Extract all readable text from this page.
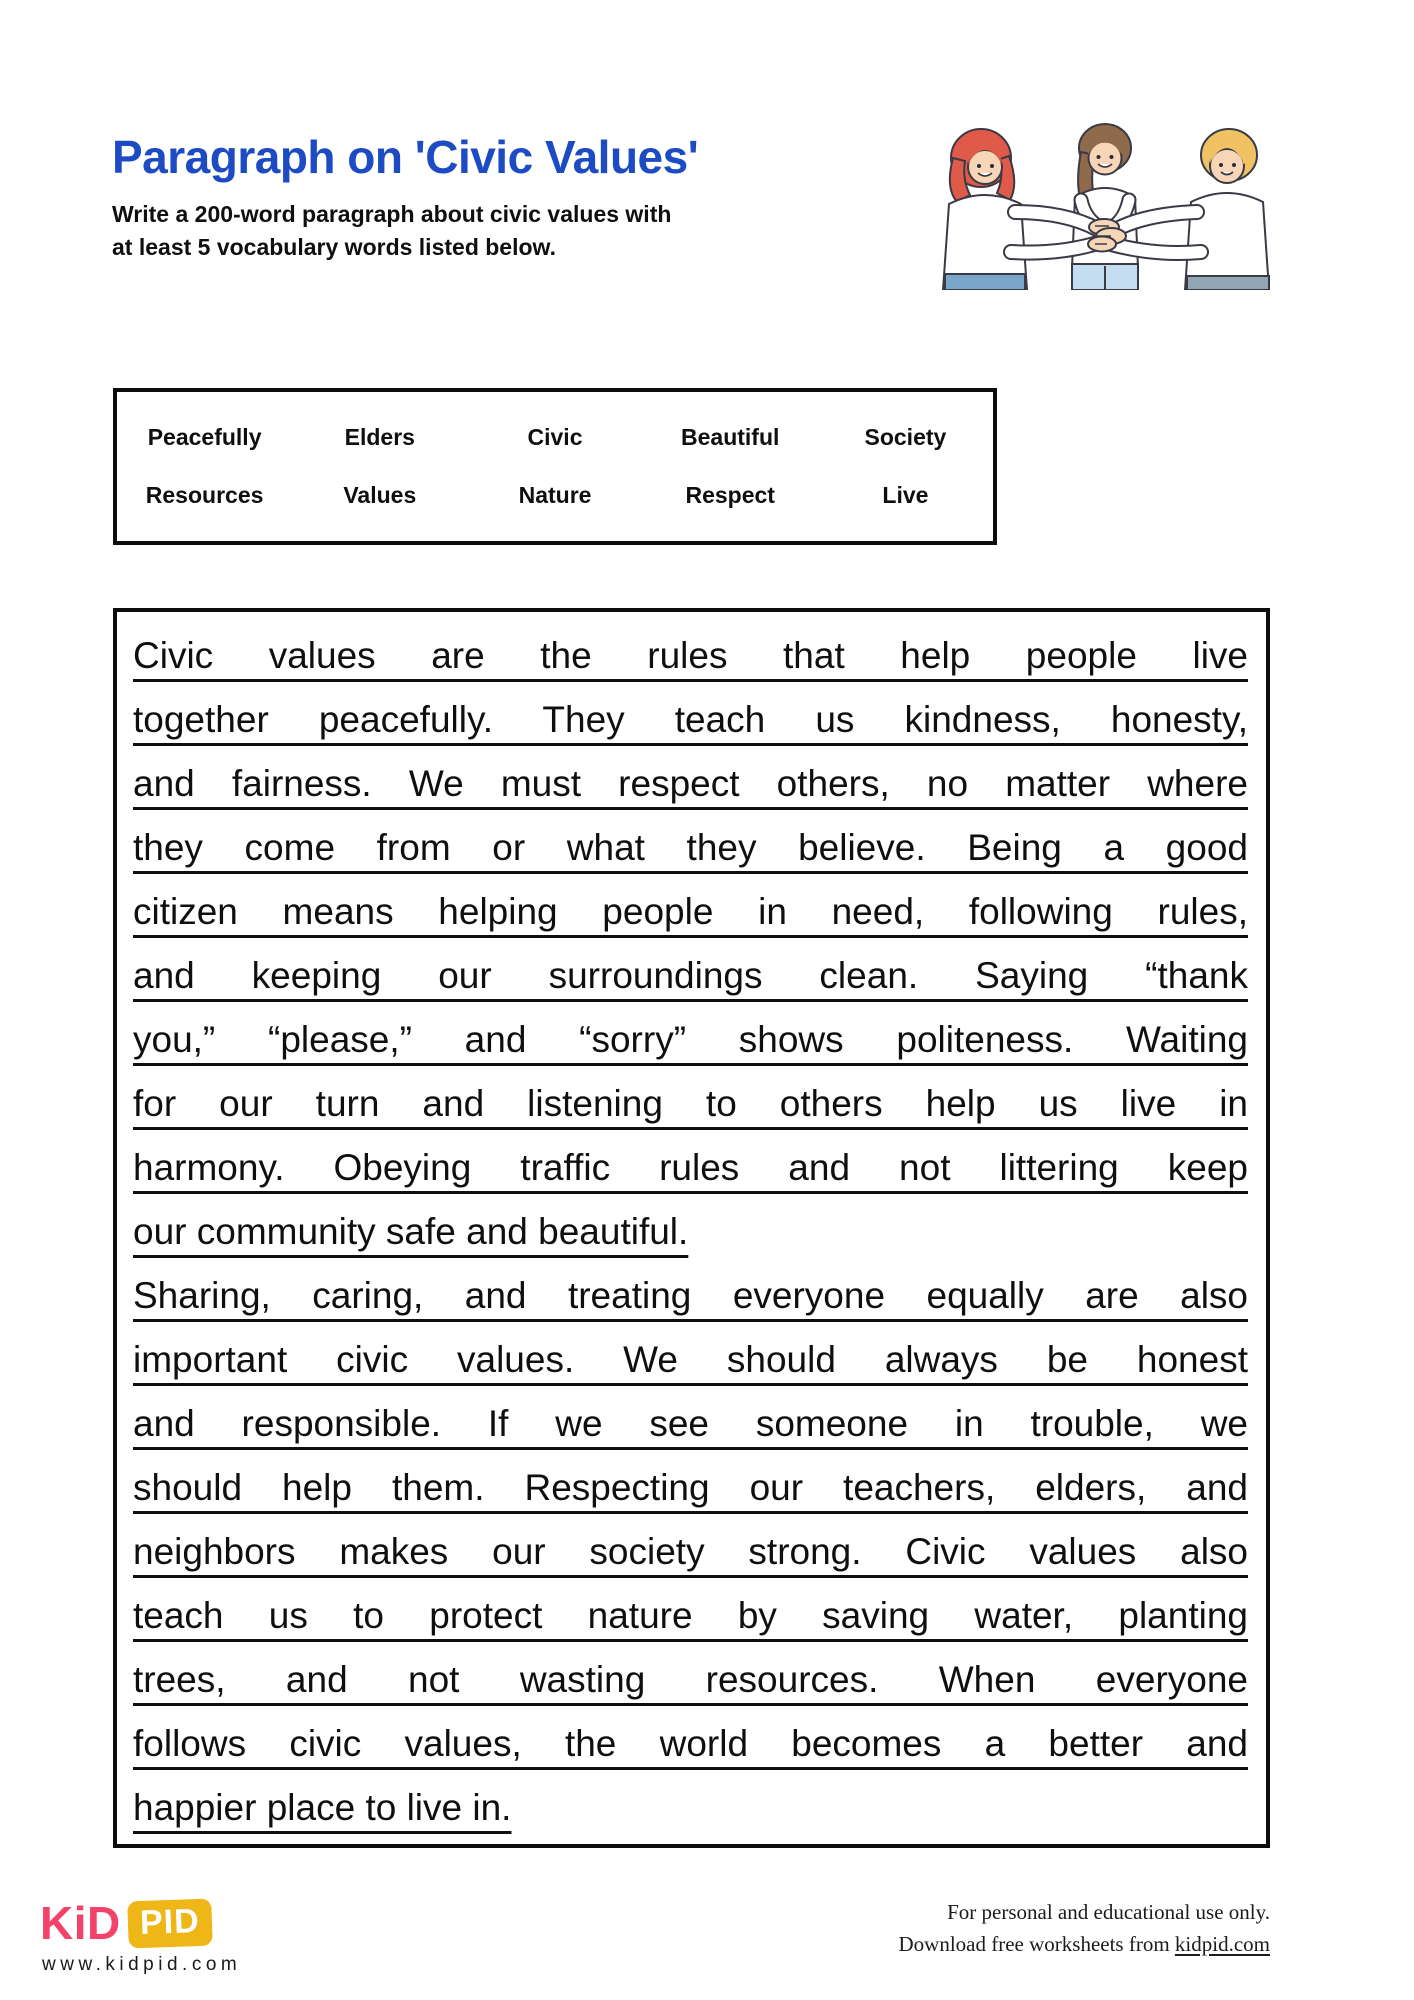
Paragraph on 'Civic Values'
Write a 200-word paragraph about civic values with
at least 5 vocabulary words listed below.
Peacefully	Elders	Civic	Beautiful	Society
Resources	Values	Nature	Respect	Live
Civic values are the rules that help people live
together peacefully. They teach us kindness, honesty,
and fairness. We must respect others, no matter where
they come from or what they believe. Being a good
citizen means helping people in need, following rules,
and keeping our surroundings clean. Saying “thank
you,” “please,” and “sorry” shows politeness. Waiting
for our turn and listening to others help us live in
harmony. Obeying traffic rules and not littering keep
our community safe and beautiful.
Sharing, caring, and treating everyone equally are also
important civic values. We should always be honest
and responsible. If we see someone in trouble, we
should help them. Respecting our teachers, elders, and
neighbors makes our society strong. Civic values also
teach us to protect nature by saving water, planting
trees, and not wasting resources. When everyone
follows civic values, the world becomes a better and
happier place to live in.
KiD PID
www.kidpid.com
For personal and educational use only.
Download free worksheets from kidpid.com
